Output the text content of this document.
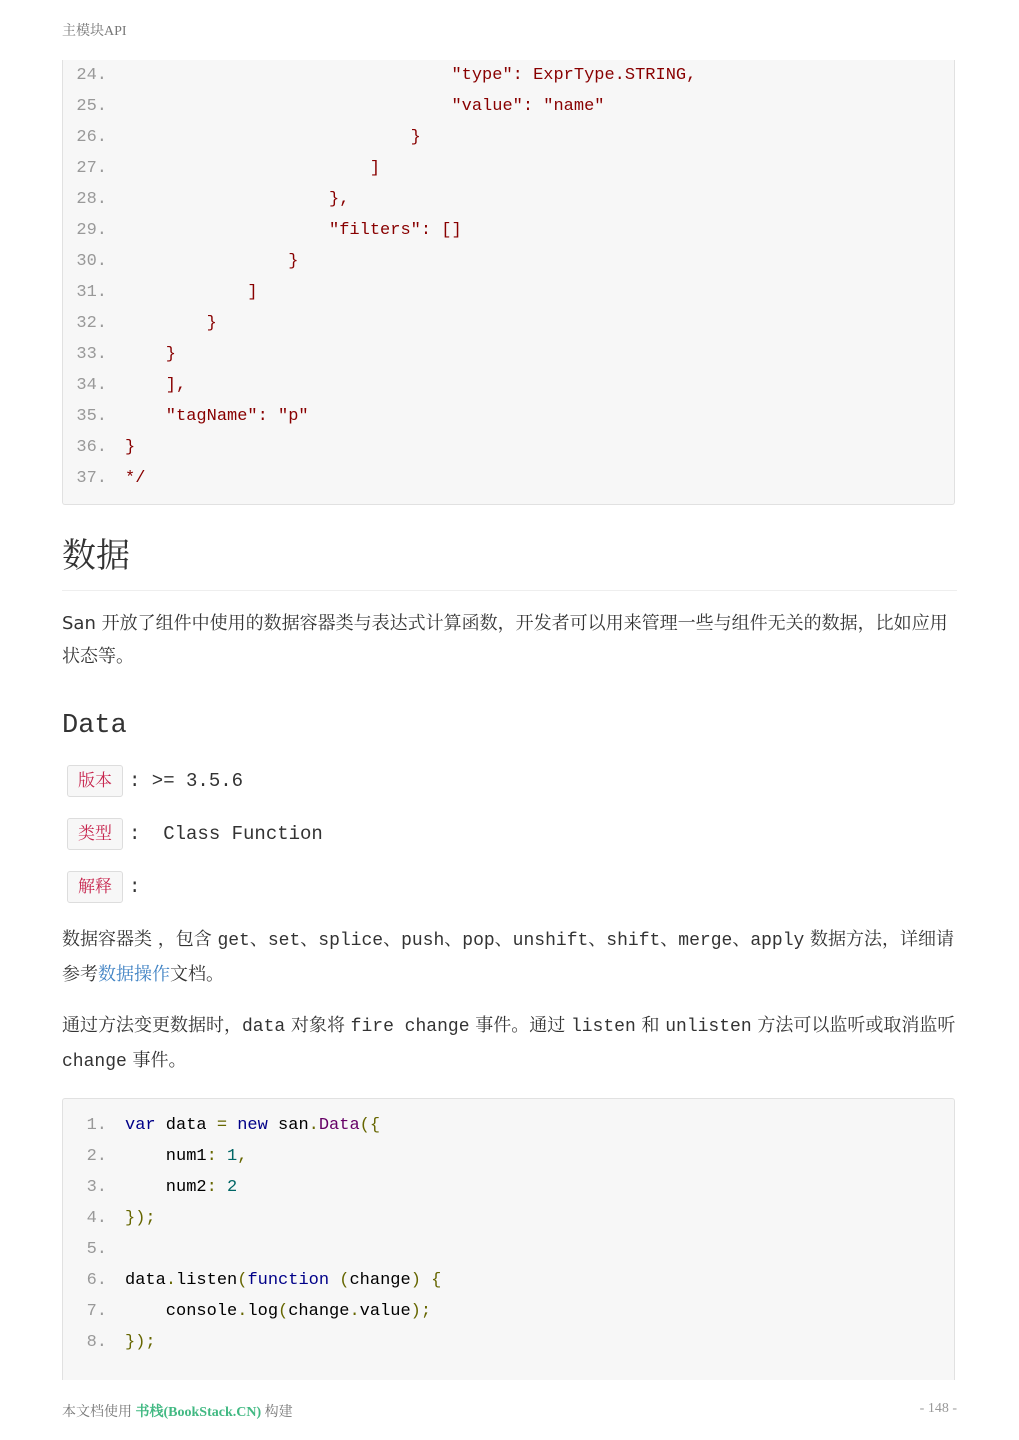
主模块API
24. "type": ExprType.STRING,
25. "value": "name"
26. }
27. ]
28. },
29. "filters": []
30. }
31. ]
32. }
33. }
34. ],
35. "tagName": "p"
36. }
37. */
数据

San 开放了组件中使用的数据容器类与表达式计算函数，开发者可以用来管理一些与组件无关的数据，比如应用状态等。

Data
版本 : >= 3.5.6
类型 :  Class Function
解释 :

数据容器类 ，包含 get、set、splice、push、pop、unshift、shift、merge、apply 数据方法，详细请参考数据操作文档。

通过方法变更数据时，data 对象将 fire change 事件。通过 listen 和 unlisten 方法可以监听或取消监听 change 事件。

1. var data = new san.Data({
2. num1: 1,
3. num2: 2
4. });
5.
6. data.listen(function (change) {
7. console.log(change.value);
8. });
本文档使用 书栈(BookStack.CN) 构建	- 148 -
